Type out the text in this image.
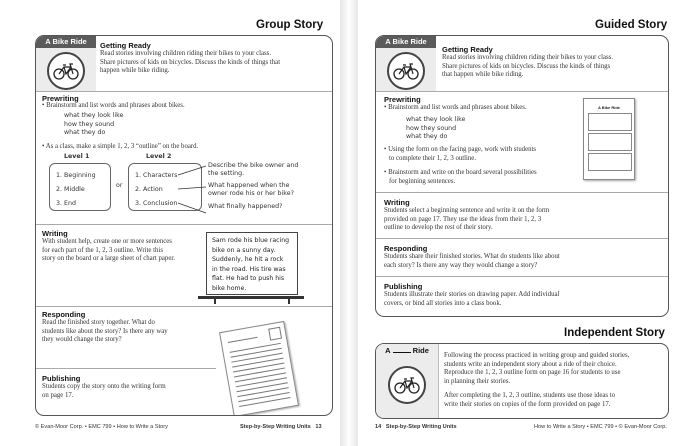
Group Story
A Bike Ride	Getting Ready
Read stories involving children riding their bikes to your class.
Share pictures of kids on bicycles. Discuss the kinds of things that
happen while bike riding.
Prewriting
• Brainstorm and list words and phrases about bikes.
what they look like
how they sound
what they do
• As a class, make a simple 1, 2, 3 “outline” on the board.
Level 1
1. Beginning
2. Middle
3. End
or
Level 2
1. Characters
2. Action
3. Conclusion
Describe the bike owner and
the setting.
What happened when the
owner rode his or her bike?
What finally happened?
Writing
With student help, create one or more sentences
for each part of the 1, 2, 3 outline. Write this
story on the board or a large sheet of chart paper.
Sam rode his blue racing
bike on a sunny day.
Suddenly, he hit a rock
in the road. His tire was
flat. He had to push his
bike home.
Responding
Read the finished story together. What do
students like about the story? Is there any way
they would change the story?
Publishing
Students copy the story onto the writing form
on page 17.
© Evan-Moor Corp. • EMC 799 • How to Write a Story	Step-by-Step Writing Units 13
Guided Story
A Bike Ride
Getting Ready
Read stories involving children riding their bikes to your class.
Share pictures of kids on bicycles. Discuss the kinds of things
that happen while bike riding.
Prewriting
• Brainstorm and list words and phrases about bikes.
what they look like
how they sound
what they do
• Using the form on the facing page, work with students
to complete their 1, 2, 3 outline.
• Brainstorm and write on the board several possibilities
for beginning sentences.
A Bike Ride
Writing
Students select a beginning sentence and write it on the form
provided on page 17. They use the ideas from their 1, 2, 3
outline to develop the rest of their story.
Responding
Students share their finished stories. What do students like about
each story? Is there any way they would change a story?
Publishing
Students illustrate their stories on drawing paper. Add individual
covers, or bind all stories into a class book.
Independent Story
A	Ride
Following the process practiced in writing group and guided stories,
students write an independent story about a ride of their choice.
Reproduce the 1, 2, 3 outline form on page 16 for students to use
in planning their stories.
After completing the 1, 2, 3 outline, students use those ideas to
write their stories on copies of the form provided on page 17.
14 Step-by-Step Writing Units	How to Write a Story • EMC 799 • © Evan-Moor Corp.
